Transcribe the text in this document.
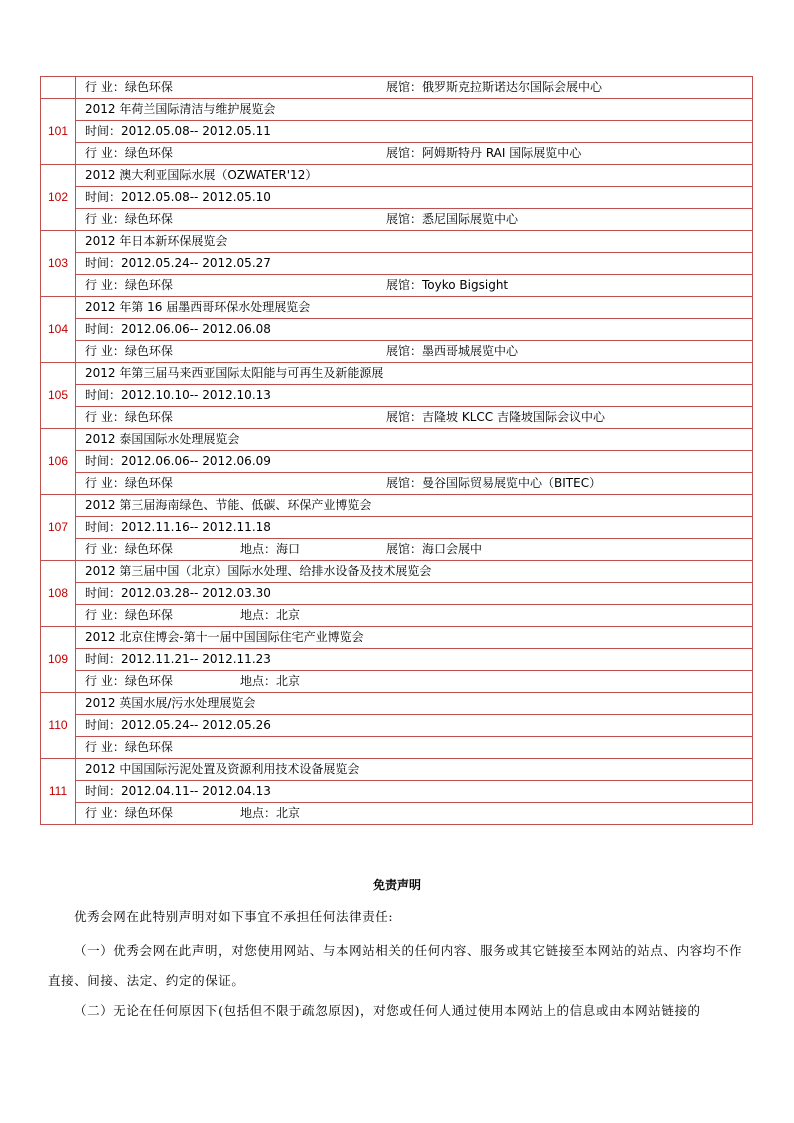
	行 业：绿色环保 展馆：俄罗斯克拉斯诺达尔国际会展中心
101	2012 年荷兰国际清洁与维护展览会
	时间：2012.05.08-- 2012.05.11
	行 业：绿色环保 展馆：阿姆斯特丹 RAI 国际展览中心
102	2012 澳大利亚国际水展（OZWATER'12）
	时间：2012.05.08-- 2012.05.10
	行 业：绿色环保 展馆：悉尼国际展览中心
103	2012 年日本新环保展览会
	时间：2012.05.24-- 2012.05.27
	行 业：绿色环保 展馆：Toyko Bigsight
104	2012 年第 16 届墨西哥环保水处理展览会
	时间：2012.06.06-- 2012.06.08
	行 业：绿色环保 展馆：墨西哥城展览中心
105	2012 年第三届马来西亚国际太阳能与可再生及新能源展
	时间：2012.10.10-- 2012.10.13
	行 业：绿色环保 展馆：吉隆坡 KLCC 吉隆坡国际会议中心
106	2012 泰国国际水处理展览会
	时间：2012.06.06-- 2012.06.09
	行 业：绿色环保 展馆：曼谷国际贸易展览中心（BITEC）
107	2012 第三届海南绿色、节能、低碳、环保产业博览会
	时间：2012.11.16-- 2012.11.18
	行 业：绿色环保 地点：海口 展馆：海口会展中
108	2012 第三届中国（北京）国际水处理、给排水设备及技术展览会
	时间：2012.03.28-- 2012.03.30
	行 业：绿色环保 地点：北京
109	2012 北京住博会-第十一届中国国际住宅产业博览会
	时间：2012.11.21-- 2012.11.23
	行 业：绿色环保 地点：北京
110	2012 英国水展/污水处理展览会
	时间：2012.05.24-- 2012.05.26
	行 业：绿色环保
111	2012 中国国际污泥处置及资源利用技术设备展览会
	时间：2012.04.11-- 2012.04.13
	行 业：绿色环保 地点：北京
免责声明
优秀会网在此特别声明对如下事宜不承担任何法律责任:
（一）优秀会网在此声明，对您使用网站、与本网站相关的任何内容、服务或其它链接至本网站的站点、内容均不作直接、间接、法定、约定的保证。
（二）无论在任何原因下(包括但不限于疏忽原因)，对您或任何人通过使用本网站上的信息或由本网站链接的
